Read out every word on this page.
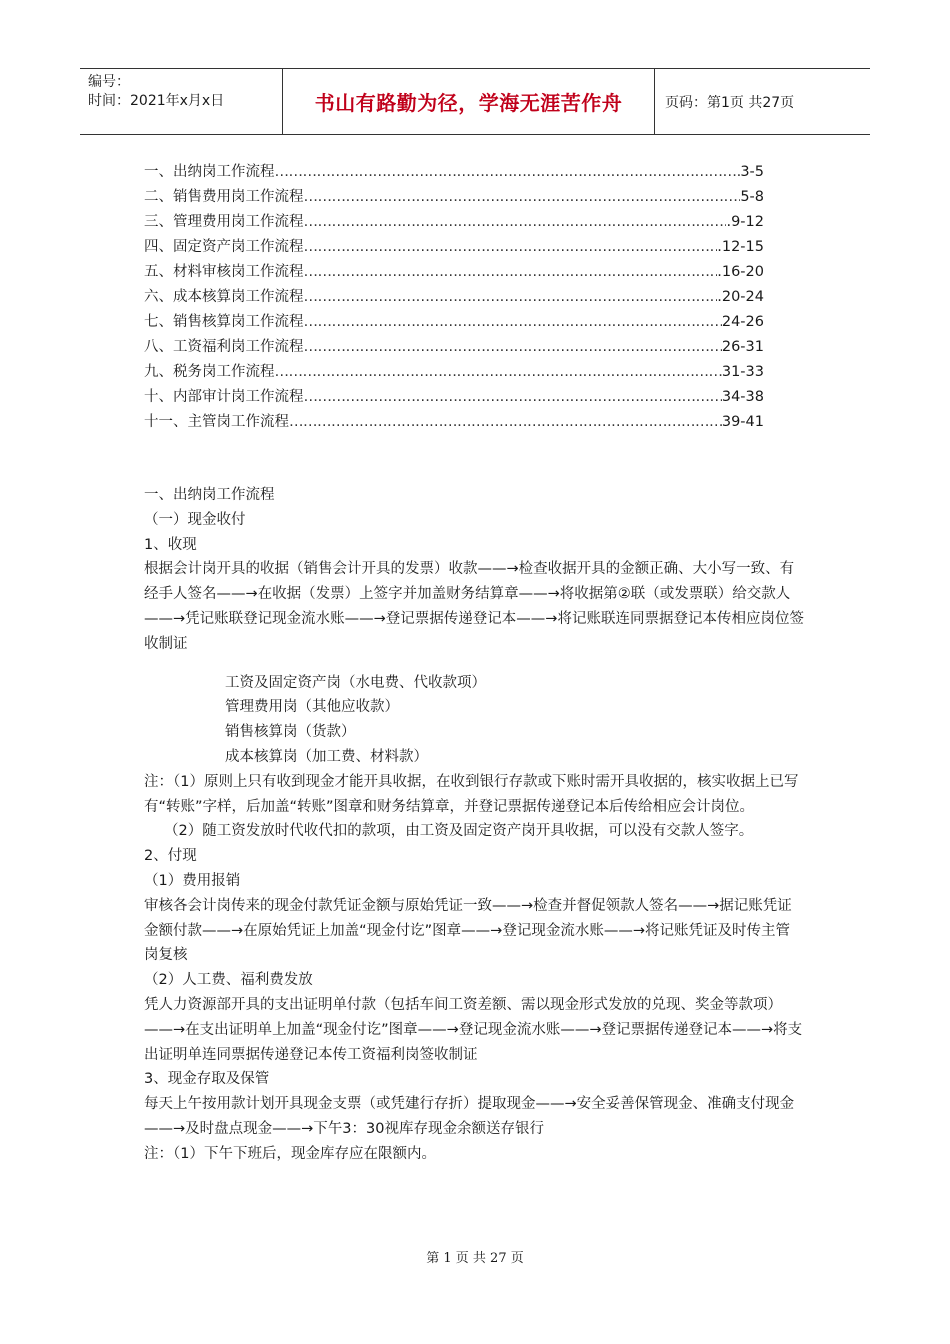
编号：
时间：2021年x月x日	书山有路勤为径，学海无涯苦作舟	页码：第1页 共27页
一、出纳岗工作流程 ………………………………………………………………………………………………………………………………………………………………………	3-5
二、销售费用岗工作流程 ………………………………………………………………………………………………………………………………………………………………………	5-8
三、管理费用岗工作流程 ………………………………………………………………………………………………………………………………………………………………………	.9-12
四、固定资产岗工作流程 ………………………………………………………………………………………………………………………………………………………………………	.12-15
五、材料审核岗工作流程 ………………………………………………………………………………………………………………………………………………………………………	.16-20
六、成本核算岗工作流程 ………………………………………………………………………………………………………………………………………………………………………	.20-24
七、销售核算岗工作流程 ………………………………………………………………………………………………………………………………………………………………………	24-26
八、工资福利岗工作流程 ………………………………………………………………………………………………………………………………………………………………………	26-31
九、税务岗工作流程 ………………………………………………………………………………………………………………………………………………………………………	31-33
十、内部审计岗工作流程 ………………………………………………………………………………………………………………………………………………………………………	34-38
十一、主管岗工作流程 ………………………………………………………………………………………………………………………………………………………………………	39-41

一、出纳岗工作流程

（一）现金收付

1、收现

根据会计岗开具的收据（销售会计开具的发票）收款——→检查收据开具的金额正确、大小写一致、有经手人签名——→在收据（发票）上签字并加盖财务结算章——→将收据第②联（或发票联）给交款人——→凭记账联登记现金流水账——→登记票据传递登记本——→将记账联连同票据登记本传相应岗位签收制证

工资及固定资产岗（水电费、代收款项）

管理费用岗（其他应收款）

销售核算岗（货款）

成本核算岗（加工费、材料款）

注：（1）原则上只有收到现金才能开具收据，在收到银行存款或下账时需开具收据的，核实收据上已写有“转账”字样，后加盖“转账”图章和财务结算章，并登记票据传递登记本后传给相应会计岗位。

（2）随工资发放时代收代扣的款项，由工资及固定资产岗开具收据，可以没有交款人签字。

2、付现

（1）费用报销

审核各会计岗传来的现金付款凭证金额与原始凭证一致——→检查并督促领款人签名——→据记账凭证金额付款——→在原始凭证上加盖“现金付讫”图章——→登记现金流水账——→将记账凭证及时传主管岗复核

（2）人工费、福利费发放

凭人力资源部开具的支出证明单付款（包括车间工资差额、需以现金形式发放的兑现、奖金等款项）——→在支出证明单上加盖“现金付讫”图章——→登记现金流水账——→登记票据传递登记本——→将支出证明单连同票据传递登记本传工资福利岗签收制证

3、现金存取及保管

每天上午按用款计划开具现金支票（或凭建行存折）提取现金——→安全妥善保管现金、准确支付现金——→及时盘点现金——→下午3：30视库存现金余额送存银行

注：（1）下午下班后，现金库存应在限额内。

第 1 页 共 27 页
